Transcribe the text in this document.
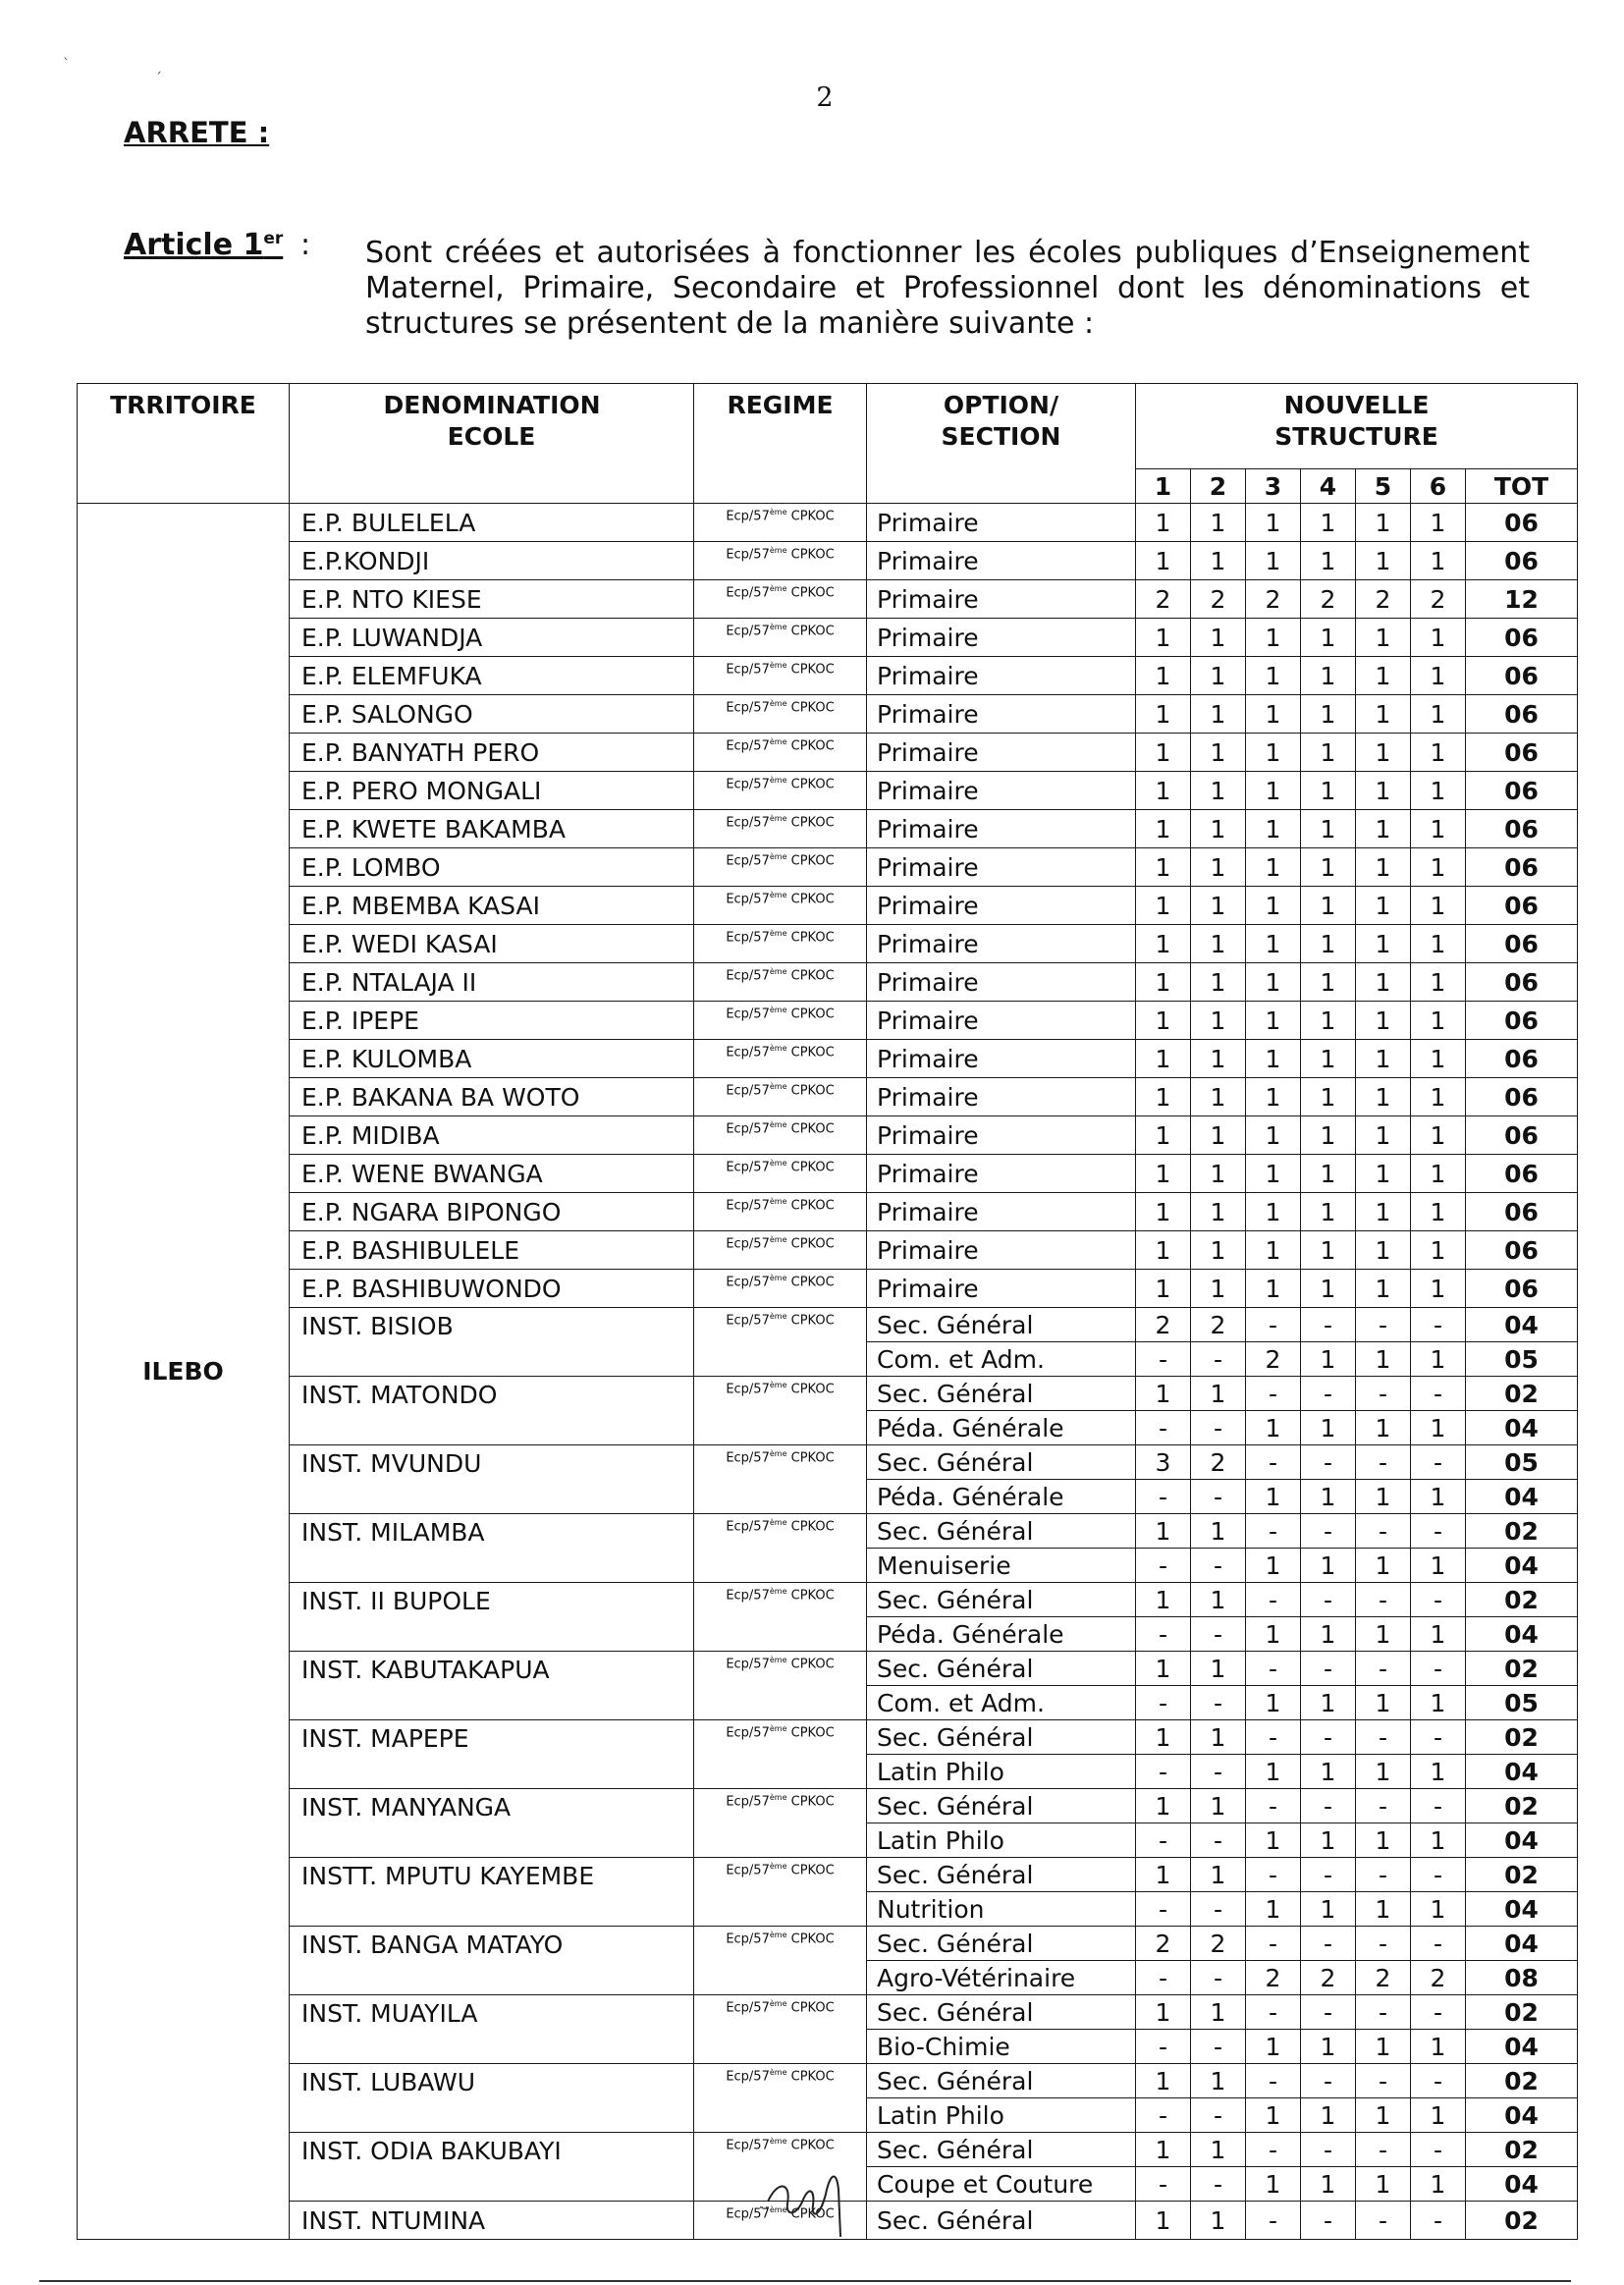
ˋ	ˏ
2
ARRETE :
Article 1er : Sont créées et autorisées à fonctionner les écoles publiques d’Enseignement Maternel, Primaire, Secondaire et Professionnel dont les dénominations et structures se présentent de la manière suivante :
TRRITOIRE	DENOMINATION ECOLE	REGIME	OPTION/ SECTION	NOUVELLE STRUCTURE						

				1	2	3	4	5	6	TOT
ILEBO	E.P. BULELELA	Ecp/57ème CPKOC	Primaire	1	1	1	1	1	1	06
	E.P.KONDJI	Ecp/57ème CPKOC	Primaire	1	1	1	1	1	1	06
	E.P. NTO KIESE	Ecp/57ème CPKOC	Primaire	2	2	2	2	2	2	12
	E.P. LUWANDJA	Ecp/57ème CPKOC	Primaire	1	1	1	1	1	1	06
	E.P. ELEMFUKA	Ecp/57ème CPKOC	Primaire	1	1	1	1	1	1	06
	E.P. SALONGO	Ecp/57ème CPKOC	Primaire	1	1	1	1	1	1	06
	E.P. BANYATH PERO	Ecp/57ème CPKOC	Primaire	1	1	1	1	1	1	06
	E.P. PERO MONGALI	Ecp/57ème CPKOC	Primaire	1	1	1	1	1	1	06
	E.P. KWETE BAKAMBA	Ecp/57ème CPKOC	Primaire	1	1	1	1	1	1	06
	E.P. LOMBO	Ecp/57ème CPKOC	Primaire	1	1	1	1	1	1	06
	E.P. MBEMBA KASAI	Ecp/57ème CPKOC	Primaire	1	1	1	1	1	1	06
	E.P. WEDI KASAI	Ecp/57ème CPKOC	Primaire	1	1	1	1	1	1	06
	E.P. NTALAJA II	Ecp/57ème CPKOC	Primaire	1	1	1	1	1	1	06
	E.P. IPEPE	Ecp/57ème CPKOC	Primaire	1	1	1	1	1	1	06
	E.P. KULOMBA	Ecp/57ème CPKOC	Primaire	1	1	1	1	1	1	06
	E.P. BAKANA BA WOTO	Ecp/57ème CPKOC	Primaire	1	1	1	1	1	1	06
	E.P. MIDIBA	Ecp/57ème CPKOC	Primaire	1	1	1	1	1	1	06
	E.P. WENE BWANGA	Ecp/57ème CPKOC	Primaire	1	1	1	1	1	1	06
	E.P. NGARA BIPONGO	Ecp/57ème CPKOC	Primaire	1	1	1	1	1	1	06
	E.P. BASHIBULELE	Ecp/57ème CPKOC	Primaire	1	1	1	1	1	1	06
	E.P. BASHIBUWONDO	Ecp/57ème CPKOC	Primaire	1	1	1	1	1	1	06
	INST. BISIOB	Ecp/57ème CPKOC	Sec. Général	2	2	-	-	-	-	04
			Com. et Adm.	-	-	2	1	1	1	05
	INST. MATONDO	Ecp/57ème CPKOC	Sec. Général	1	1	-	-	-	-	02
			Péda. Générale	-	-	1	1	1	1	04
	INST. MVUNDU	Ecp/57ème CPKOC	Sec. Général	3	2	-	-	-	-	05
			Péda. Générale	-	-	1	1	1	1	04
	INST. MILAMBA	Ecp/57ème CPKOC	Sec. Général	1	1	-	-	-	-	02
			Menuiserie	-	-	1	1	1	1	04
	INST. II BUPOLE	Ecp/57ème CPKOC	Sec. Général	1	1	-	-	-	-	02
			Péda. Générale	-	-	1	1	1	1	04
	INST. KABUTAKAPUA	Ecp/57ème CPKOC	Sec. Général	1	1	-	-	-	-	02
			Com. et Adm.	-	-	1	1	1	1	05
	INST. MAPEPE	Ecp/57ème CPKOC	Sec. Général	1	1	-	-	-	-	02
			Latin Philo	-	-	1	1	1	1	04
	INST. MANYANGA	Ecp/57ème CPKOC	Sec. Général	1	1	-	-	-	-	02
			Latin Philo	-	-	1	1	1	1	04
	INSTT. MPUTU KAYEMBE	Ecp/57ème CPKOC	Sec. Général	1	1	-	-	-	-	02
			Nutrition	-	-	1	1	1	1	04
	INST. BANGA MATAYO	Ecp/57ème CPKOC	Sec. Général	2	2	-	-	-	-	04
			Agro-Vétérinaire	-	-	2	2	2	2	08
	INST. MUAYILA	Ecp/57ème CPKOC	Sec. Général	1	1	-	-	-	-	02
			Bio-Chimie	-	-	1	1	1	1	04
	INST. LUBAWU	Ecp/57ème CPKOC	Sec. Général	1	1	-	-	-	-	02
			Latin Philo	-	-	1	1	1	1	04
	INST. ODIA BAKUBAYI	Ecp/57ème CPKOC	Sec. Général	1	1	-	-	-	-	02
			Coupe et Couture	-	-	1	1	1	1	04
	INST. NTUMINA	Ecp/57ème CPKOC	Sec. Général	1	1	-	-	-	-	02
